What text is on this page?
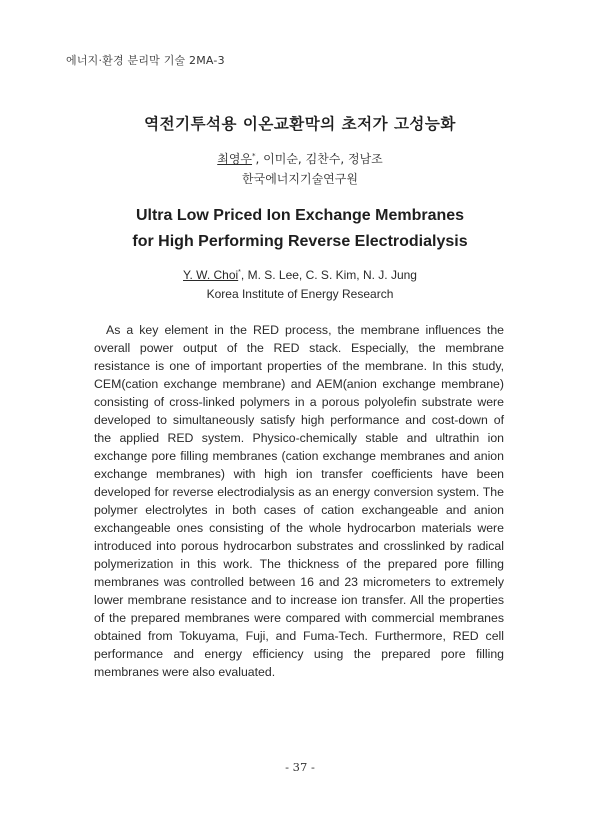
에너지·환경 분리막 기술 2MA-3
역전기투석용 이온교환막의 초저가 고성능화
최영우*, 이미순, 김찬수, 정남조
한국에너지기술연구원
Ultra Low Priced Ion Exchange Membranes
for High Performing Reverse Electrodialysis
Y. W. Choi*, M. S. Lee, C. S. Kim, N. J. Jung
Korea Institute of Energy Research

As a key element in the RED process, the membrane influences the overall power output of the RED stack. Especially, the membrane resistance is one of important properties of the membrane. In this study, CEM(cation exchange membrane) and AEM(anion exchange membrane) consisting of cross-linked polymers in a porous polyolefin substrate were developed to simultaneously satisfy high performance and cost-down of the applied RED system. Physico-chemically stable and ultrathin ion exchange pore filling membranes (cation exchange membranes and anion exchange membranes) with high ion transfer coefficients have been developed for reverse electrodialysis as an energy conversion system. The polymer electrolytes in both cases of cation exchangeable and anion exchangeable ones consisting of the whole hydrocarbon materials were introduced into porous hydrocarbon substrates and crosslinked by radical polymerization in this work. The thickness of the prepared pore filling membranes was controlled between 16 and 23 micrometers to extremely lower membrane resistance and to increase ion transfer. All the properties of the prepared membranes were compared with commercial membranes obtained from Tokuyama, Fuji, and Fuma-Tech. Furthermore, RED cell performance and energy efficiency using the prepared pore filling membranes were also evaluated.

- 37 -
